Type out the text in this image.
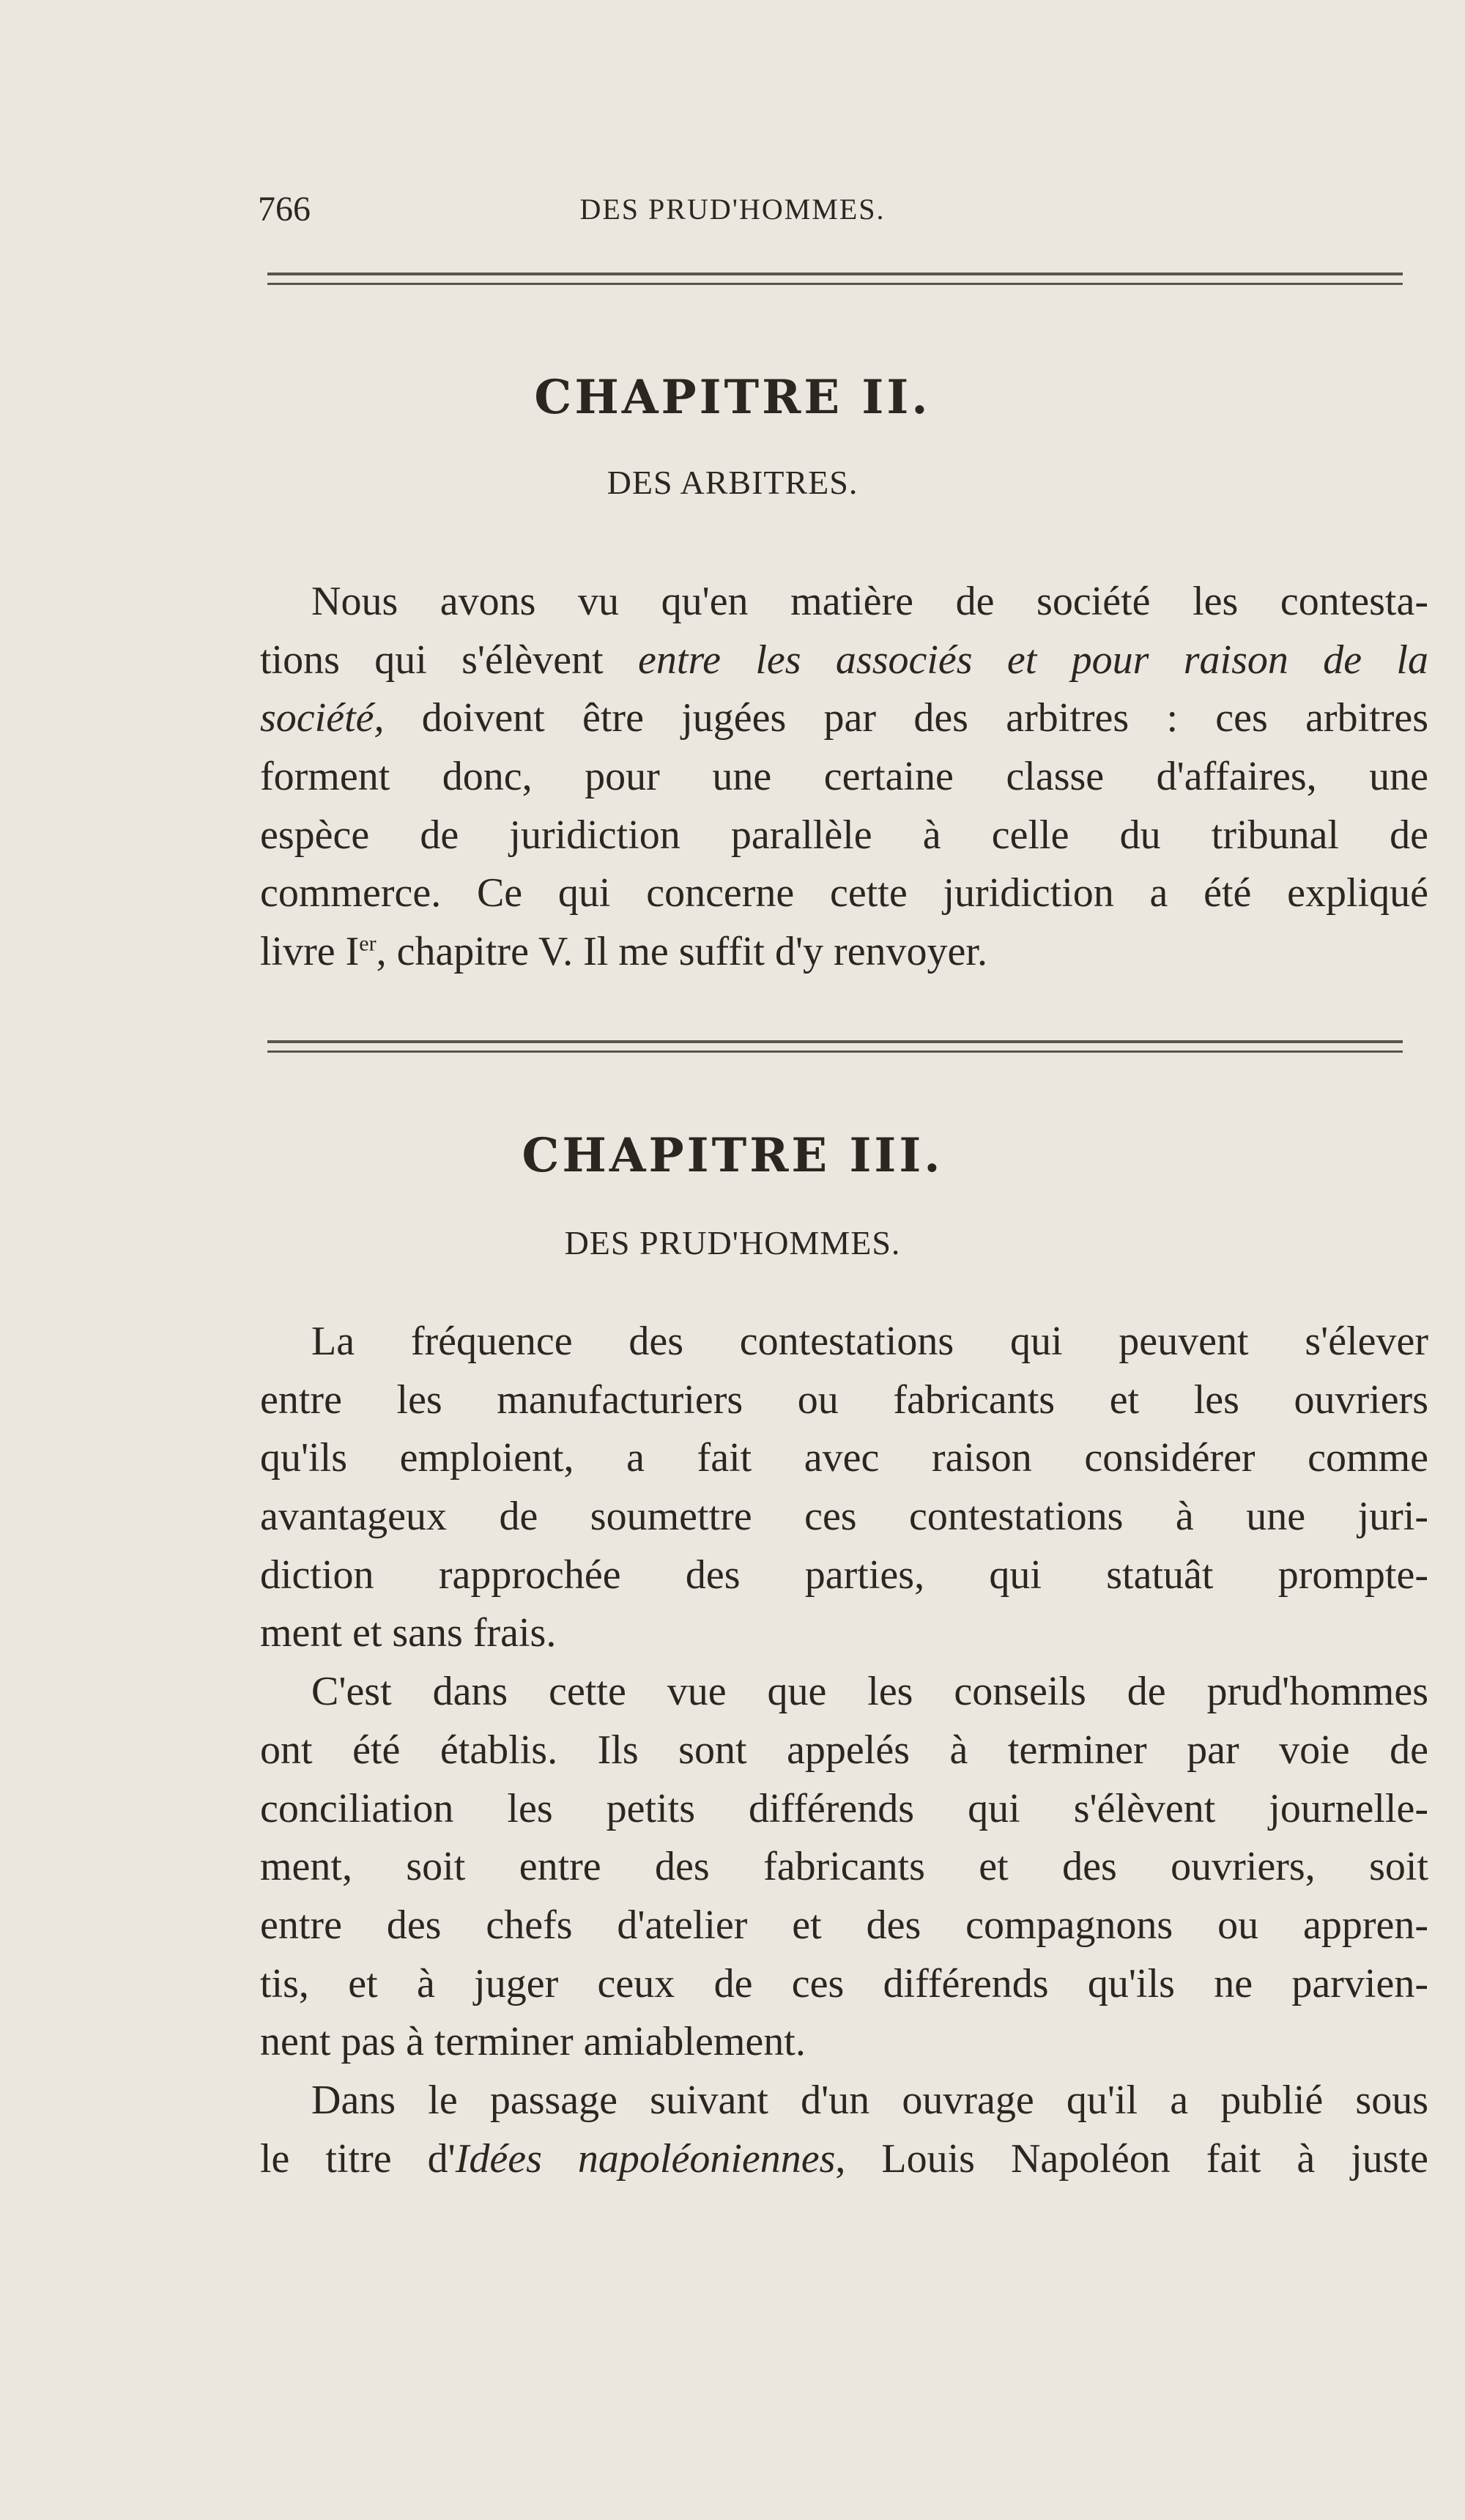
766	DES PRUD'HOMMES.
CHAPITRE II.
DES ARBITRES.
Nous avons vu qu'en matière de société les contesta-
tions qui s'élèvent entre les associés et pour raison de la
société, doivent être jugées par des arbitres : ces arbitres
forment donc, pour une certaine classe d'affaires, une
espèce de juridiction parallèle à celle du tribunal de
commerce. Ce qui concerne cette juridiction a été expliqué
livre Ier, chapitre V. Il me suffit d'y renvoyer.
CHAPITRE III.
DES PRUD'HOMMES.
La fréquence des contestations qui peuvent s'élever
entre les manufacturiers ou fabricants et les ouvriers
qu'ils emploient, a fait avec raison considérer comme
avantageux de soumettre ces contestations à une juri-
diction rapprochée des parties, qui statuât prompte-
ment et sans frais.
C'est dans cette vue que les conseils de prud'hommes
ont été établis. Ils sont appelés à terminer par voie de
conciliation les petits différends qui s'élèvent journelle-
ment, soit entre des fabricants et des ouvriers, soit
entre des chefs d'atelier et des compagnons ou appren-
tis, et à juger ceux de ces différends qu'ils ne parvien-
nent pas à terminer amiablement.
Dans le passage suivant d'un ouvrage qu'il a publié sous
le titre d'Idées napoléoniennes, Louis Napoléon fait à juste
